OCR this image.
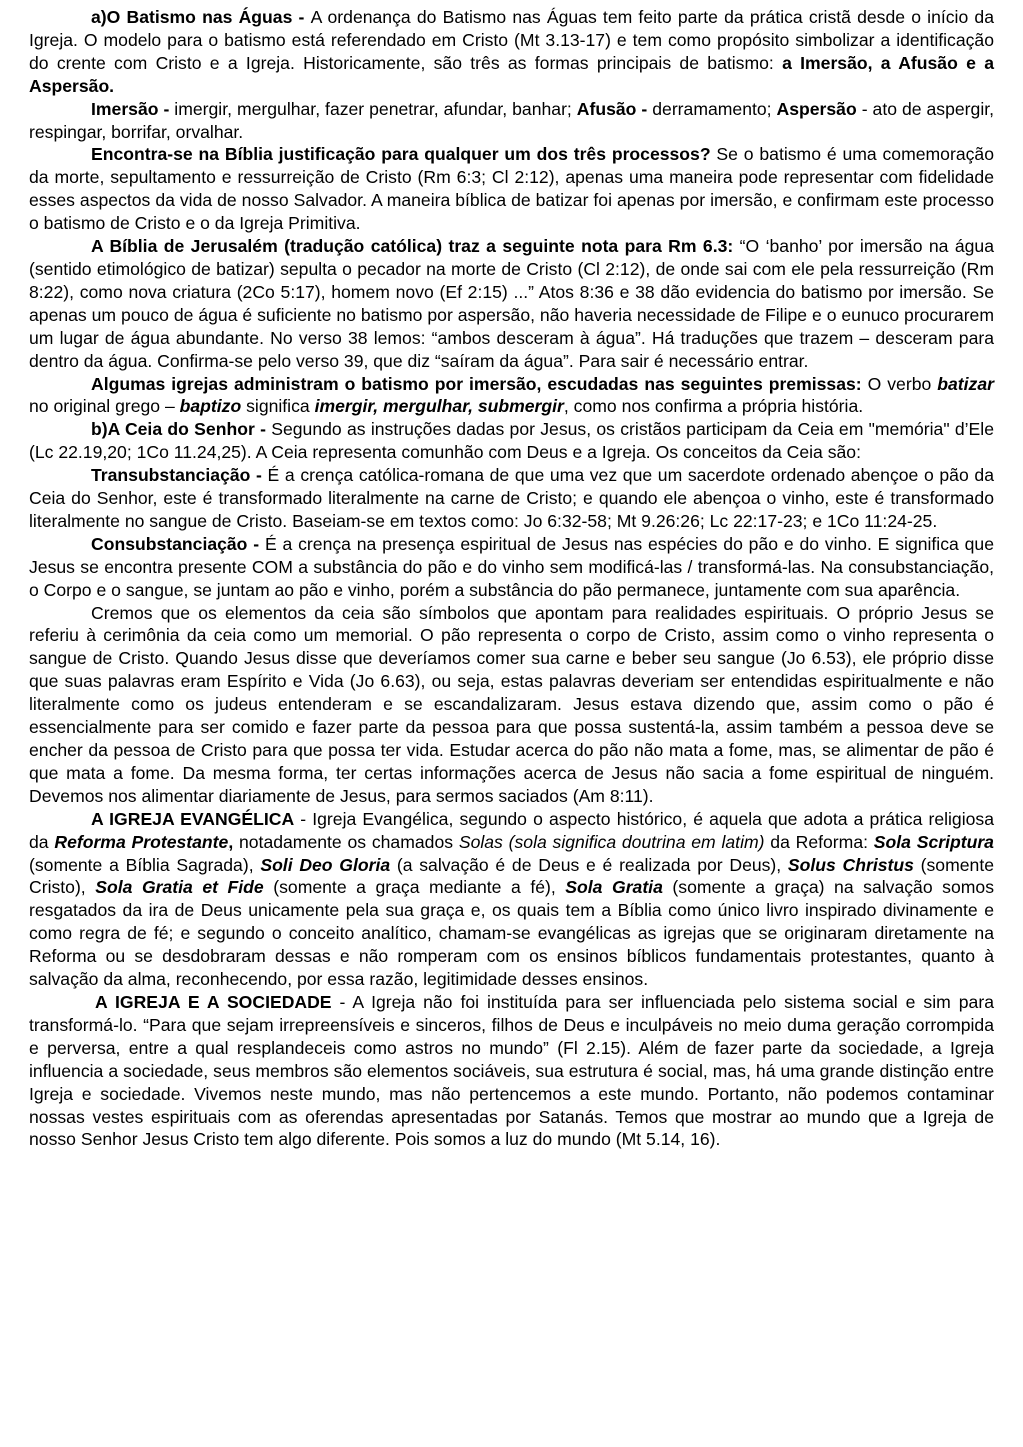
a)O Batismo nas Águas - A ordenança do Batismo nas Águas tem feito parte da prática cristã desde o início da Igreja. O modelo para o batismo está referendado em Cristo (Mt 3.13-17) e tem como propósito simbolizar a identificação do crente com Cristo e a Igreja. Historicamente, são três as formas principais de batismo: a Imersão, a Afusão e a Aspersão.

Imersão - imergir, mergulhar, fazer penetrar, afundar, banhar; Afusão - derramamento; Aspersão - ato de aspergir, respingar, borrifar, orvalhar.

Encontra-se na Bíblia justificação para qualquer um dos três processos? Se o batismo é uma comemoração da morte, sepultamento e ressurreição de Cristo (Rm 6:3; Cl 2:12), apenas uma maneira pode representar com fidelidade esses aspectos da vida de nosso Salvador. A maneira bíblica de batizar foi apenas por imersão, e confirmam este processo o batismo de Cristo e o da Igreja Primitiva.

A Bíblia de Jerusalém (tradução católica) traz a seguinte nota para Rm 6.3: “O ‘banho’ por imersão na água (sentido etimológico de batizar) sepulta o pecador na morte de Cristo (Cl 2:12), de onde sai com ele pela ressurreição (Rm 8:22), como nova criatura (2Co 5:17), homem novo (Ef 2:15) ...” Atos 8:36 e 38 dão evidencia do batismo por imersão. Se apenas um pouco de água é suficiente no batismo por aspersão, não haveria necessidade de Filipe e o eunuco procurarem um lugar de água abundante. No verso 38 lemos: “ambos desceram à água”. Há traduções que trazem – desceram para dentro da água. Confirma-se pelo verso 39, que diz “saíram da água”. Para sair é necessário entrar.

Algumas igrejas administram o batismo por imersão, escudadas nas seguintes premissas: O verbo batizar no original grego – baptizo significa imergir, mergulhar, submergir, como nos confirma a própria história.

b)A Ceia do Senhor - Segundo as instruções dadas por Jesus, os cristãos participam da Ceia em "memória" d’Ele (Lc 22.19,20; 1Co 11.24,25). A Ceia representa comunhão com Deus e a Igreja. Os conceitos da Ceia são:

Transubstanciação - É a crença católica-romana de que uma vez que um sacerdote ordenado abençoe o pão da Ceia do Senhor, este é transformado literalmente na carne de Cristo; e quando ele abençoa o vinho, este é transformado literalmente no sangue de Cristo. Baseiam-se em textos como: Jo 6:32-58; Mt 9.26:26; Lc 22:17-23; e 1Co 11:24-25.

Consubstanciação - É a crença na presença espiritual de Jesus nas espécies do pão e do vinho. E significa que Jesus se encontra presente COM a substância do pão e do vinho sem modificá-las / transformá-las. Na consubstanciação, o Corpo e o sangue, se juntam ao pão e vinho, porém a substância do pão permanece, juntamente com sua aparência.

Cremos que os elementos da ceia são símbolos que apontam para realidades espirituais. O próprio Jesus se referiu à cerimônia da ceia como um memorial. O pão representa o corpo de Cristo, assim como o vinho representa o sangue de Cristo. Quando Jesus disse que deveríamos comer sua carne e beber seu sangue (Jo 6.53), ele próprio disse que suas palavras eram Espírito e Vida (Jo 6.63), ou seja, estas palavras deveriam ser entendidas espiritualmente e não literalmente como os judeus entenderam e se escandalizaram. Jesus estava dizendo que, assim como o pão é essencialmente para ser comido e fazer parte da pessoa para que possa sustentá-la, assim também a pessoa deve se encher da pessoa de Cristo para que possa ter vida. Estudar acerca do pão não mata a fome, mas, se alimentar de pão é que mata a fome. Da mesma forma, ter certas informações acerca de Jesus não sacia a fome espiritual de ninguém. Devemos nos alimentar diariamente de Jesus, para sermos saciados (Am 8:11).

A IGREJA EVANGÉLICA - Igreja Evangélica, segundo o aspecto histórico, é aquela que adota a prática religiosa da Reforma Protestante, notadamente os chamados Solas (sola significa doutrina em latim) da Reforma: Sola Scriptura (somente a Bíblia Sagrada), Soli Deo Gloria (a salvação é de Deus e é realizada por Deus), Solus Christus (somente Cristo), Sola Gratia et Fide (somente a graça mediante a fé), Sola Gratia (somente a graça) na salvação somos resgatados da ira de Deus unicamente pela sua graça e, os quais tem a Bíblia como único livro inspirado divinamente e como regra de fé; e segundo o conceito analítico, chamam-se evangélicas as igrejas que se originaram diretamente na Reforma ou se desdobraram dessas e não romperam com os ensinos bíblicos fundamentais protestantes, quanto à salvação da alma, reconhecendo, por essa razão, legitimidade desses ensinos.

A IGREJA E A SOCIEDADE - A Igreja não foi instituída para ser influenciada pelo sistema social e sim para transformá-lo. “Para que sejam irrepreensíveis e sinceros, filhos de Deus e inculpáveis no meio duma geração corrompida e perversa, entre a qual resplandeceis como astros no mundo” (Fl 2.15). Além de fazer parte da sociedade, a Igreja influencia a sociedade, seus membros são elementos sociáveis, sua estrutura é social, mas, há uma grande distinção entre Igreja e sociedade. Vivemos neste mundo, mas não pertencemos a este mundo. Portanto, não podemos contaminar nossas vestes espirituais com as oferendas apresentadas por Satanás. Temos que mostrar ao mundo que a Igreja de nosso Senhor Jesus Cristo tem algo diferente. Pois somos a luz do mundo (Mt 5.14, 16).
